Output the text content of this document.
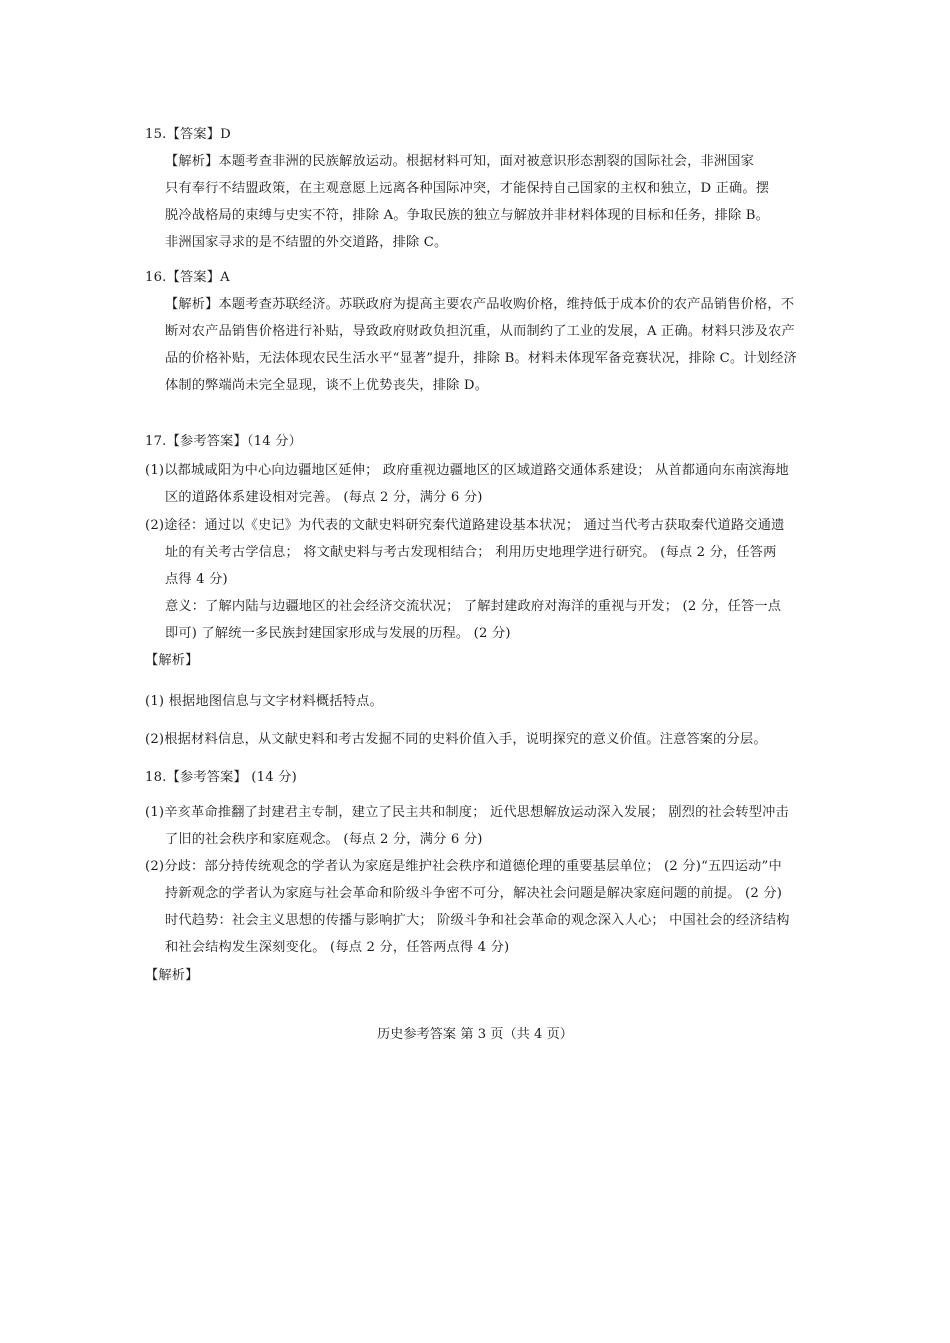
15.【答案】D
【解析】本题考查非洲的民族解放运动。根据材料可知，面对被意识形态割裂的国际社会，非洲国家
只有奉行不结盟政策，在主观意愿上远离各种国际冲突，才能保持自己国家的主权和独立，D 正确。摆
脱冷战格局的束缚与史实不符，排除 A。争取民族的独立与解放并非材料体现的目标和任务，排除 B。
非洲国家寻求的是不结盟的外交道路，排除 C。
16.【答案】A
【解析】本题考查苏联经济。苏联政府为提高主要农产品收购价格，维持低于成本价的农产品销售价格，不
断对农产品销售价格进行补贴，导致政府财政负担沉重，从而制约了工业的发展，A 正确。材料只涉及农产
品的价格补贴，无法体现农民生活水平“显著”提升，排除 B。材料未体现军备竞赛状况，排除 C。计划经济
体制的弊端尚未完全显现，谈不上优势丧失，排除 D。
17.【参考答案】（14 分）
(1)以都城咸阳为中心向边疆地区延伸； 政府重视边疆地区的区域道路交通体系建设； 从首都通向东南滨海地
区的道路体系建设相对完善。 (每点 2 分，满分 6 分)
(2)途径：通过以《史记》为代表的文献史料研究秦代道路建设基本状况； 通过当代考古获取秦代道路交通遗
址的有关考古学信息； 将文献史料与考古发现相结合； 利用历史地理学进行研究。 (每点 2 分，任答两
点得 4 分)
意义：了解内陆与边疆地区的社会经济交流状况； 了解封建政府对海洋的重视与开发； (2 分，任答一点
即可) 了解统一多民族封建国家形成与发展的历程。 (2 分)
【解析】
(1) 根据地图信息与文字材料概括特点。
(2)根据材料信息，从文献史料和考古发掘不同的史料价值入手，说明探究的意义价值。注意答案的分层。
18.【参考答案】 (14 分)
(1)辛亥革命推翻了封建君主专制，建立了民主共和制度； 近代思想解放运动深入发展； 剧烈的社会转型冲击
了旧的社会秩序和家庭观念。 (每点 2 分，满分 6 分)
(2)分歧：部分持传统观念的学者认为家庭是维护社会秩序和道德伦理的重要基层单位； (2 分)“五四运动”中
持新观念的学者认为家庭与社会革命和阶级斗争密不可分，解决社会问题是解决家庭问题的前提。 (2 分)
时代趋势：社会主义思想的传播与影响扩大； 阶级斗争和社会革命的观念深入人心； 中国社会的经济结构
和社会结构发生深刻变化。 (每点 2 分，任答两点得 4 分)
【解析】
历史参考答案 第 3 页（共 4 页）
